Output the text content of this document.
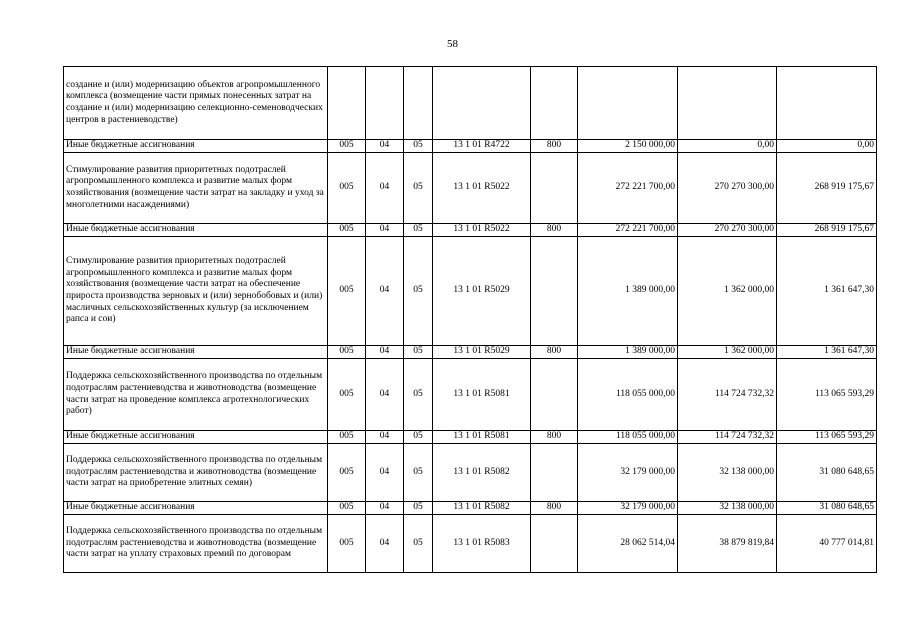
58
создание и (или) модернизацию объектов агропромышленного комплекса (возмещение части прямых понесенных затрат на создание и (или) модернизацию селекционно-семеноводческих центров в растениеводстве)								
Иные бюджетные ассигнования	005	04	05	13 1 01 R4722	800	2 150 000,00	0,00	0,00
Стимулирование развития приоритетных подотраслей агропромышленного комплекса и развитие малых форм хозяйствования (возмещение части затрат на закладку и уход за многолетними насаждениями)	005	04	05	13 1 01 R5022		272 221 700,00	270 270 300,00	268 919 175,67
Иные бюджетные ассигнования	005	04	05	13 1 01 R5022	800	272 221 700,00	270 270 300,00	268 919 175,67
Стимулирование развития приоритетных подотраслей агропромышленного комплекса и развитие малых форм хозяйствования (возмещение части затрат на обеспечение прироста производства зерновых и (или) зернобобовых и (или) масличных сельскохозяйственных культур (за исключением рапса и сои)	005	04	05	13 1 01 R5029		1 389 000,00	1 362 000,00	1 361 647,30
Иные бюджетные ассигнования	005	04	05	13 1 01 R5029	800	1 389 000,00	1 362 000,00	1 361 647,30
Поддержка сельскохозяйственного производства по отдельным подотраслям растениеводства и животноводства (возмещение части затрат на проведение комплекса агротехнологических работ)	005	04	05	13 1 01 R5081		118 055 000,00	114 724 732,32	113 065 593,29
Иные бюджетные ассигнования	005	04	05	13 1 01 R5081	800	118 055 000,00	114 724 732,32	113 065 593,29
Поддержка сельскохозяйственного производства по отдельным подотраслям растениеводства и животноводства (возмещение части затрат на приобретение элитных семян)	005	04	05	13 1 01 R5082		32 179 000,00	32 138 000,00	31 080 648,65
Иные бюджетные ассигнования	005	04	05	13 1 01 R5082	800	32 179 000,00	32 138 000,00	31 080 648,65
Поддержка сельскохозяйственного производства по отдельным подотраслям растениеводства и животноводства (возмещение части затрат на уплату страховых премий по договорам	005	04	05	13 1 01 R5083		28 062 514,04	38 879 819,84	40 777 014,81
